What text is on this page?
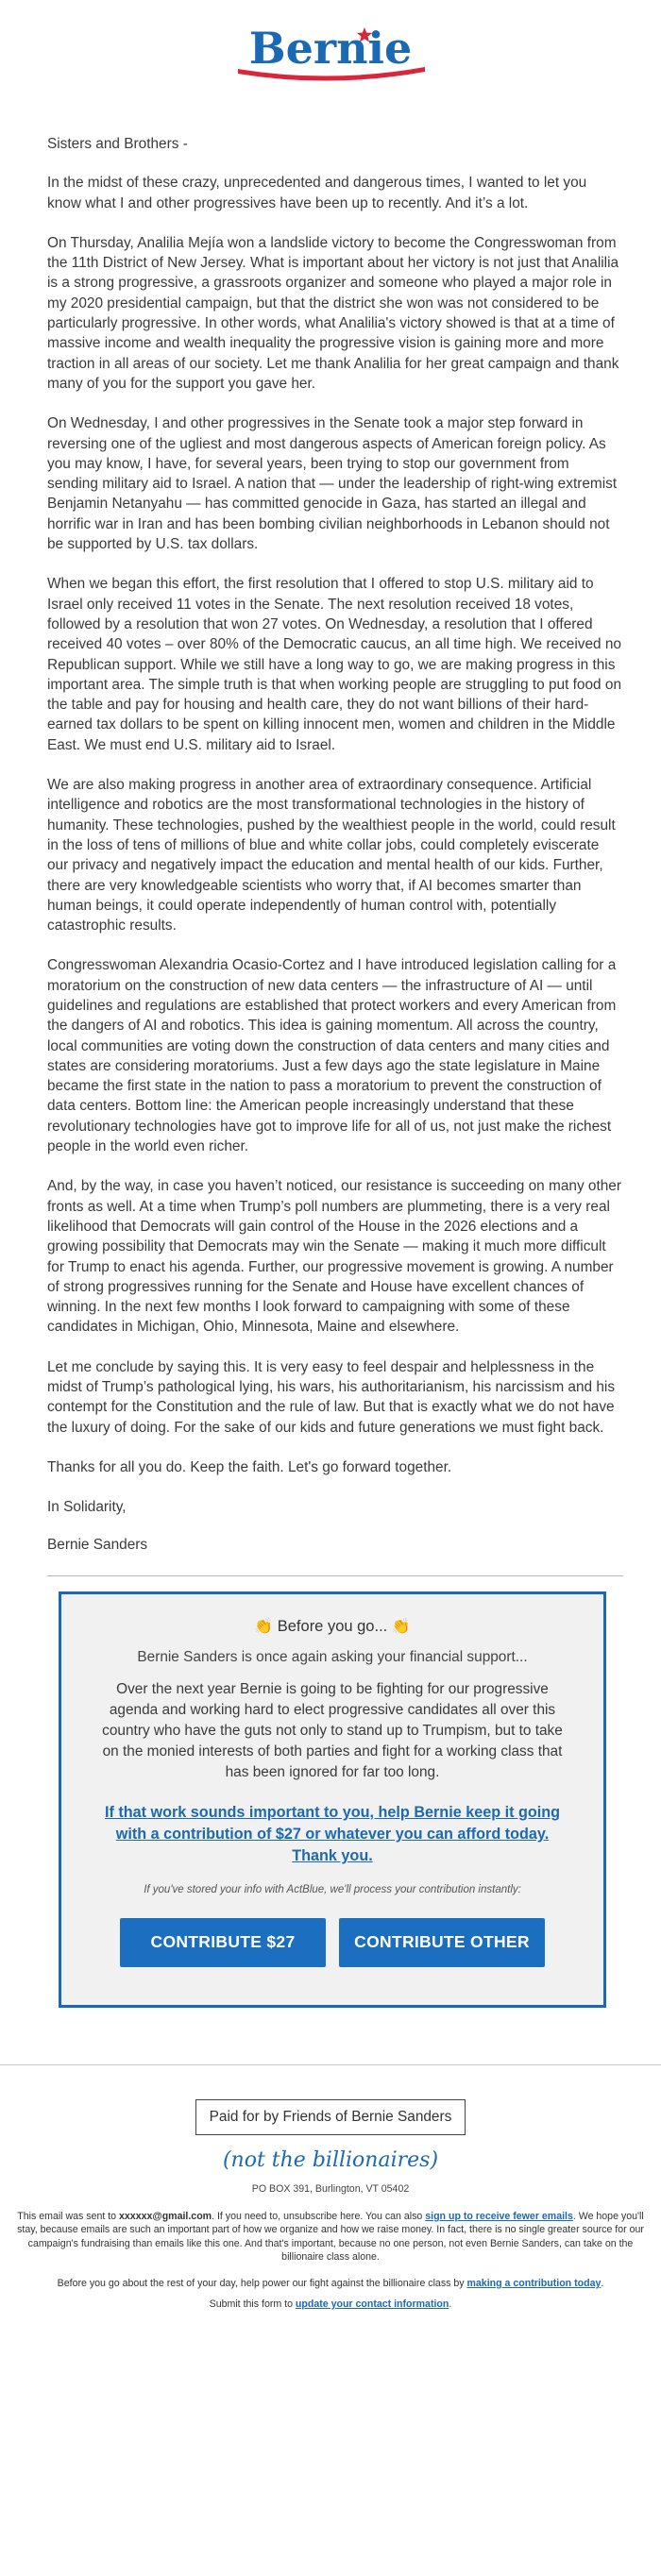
Bernie

Sisters and Brothers -

In the midst of these crazy, unprecedented and dangerous times, I wanted to let you know what I and other progressives have been up to recently. And it’s a lot.

On Thursday, Analilia Mejía won a landslide victory to become the Congresswoman from the 11th District of New Jersey. What is important about her victory is not just that Analilia is a strong progressive, a grassroots organizer and someone who played a major role in my 2020 presidential campaign, but that the district she won was not considered to be particularly progressive. In other words, what Analilia's victory showed is that at a time of massive income and wealth inequality the progressive vision is gaining more and more traction in all areas of our society. Let me thank Analilia for her great campaign and thank many of you for the support you gave her.

On Wednesday, I and other progressives in the Senate took a major step forward in reversing one of the ugliest and most dangerous aspects of American foreign policy. As you may know, I have, for several years, been trying to stop our government from sending military aid to Israel. A nation that — under the leadership of right-wing extremist Benjamin Netanyahu — has committed genocide in Gaza, has started an illegal and horrific war in Iran and has been bombing civilian neighborhoods in Lebanon should not be supported by U.S. tax dollars.

When we began this effort, the first resolution that I offered to stop U.S. military aid to Israel only received 11 votes in the Senate. The next resolution received 18 votes, followed by a resolution that won 27 votes. On Wednesday, a resolution that I offered received 40 votes – over 80% of the Democratic caucus, an all time high. We received no Republican support. While we still have a long way to go, we are making progress in this important area. The simple truth is that when working people are struggling to put food on the table and pay for housing and health care, they do not want billions of their hard-earned tax dollars to be spent on killing innocent men, women and children in the Middle East. We must end U.S. military aid to Israel.

We are also making progress in another area of extraordinary consequence. Artificial intelligence and robotics are the most transformational technologies in the history of humanity. These technologies, pushed by the wealthiest people in the world, could result in the loss of tens of millions of blue and white collar jobs, could completely eviscerate our privacy and negatively impact the education and mental health of our kids. Further, there are very knowledgeable scientists who worry that, if AI becomes smarter than human beings, it could operate independently of human control with, potentially catastrophic results.

Congresswoman Alexandria Ocasio-Cortez and I have introduced legislation calling for a moratorium on the construction of new data centers — the infrastructure of AI — until guidelines and regulations are established that protect workers and every American from the dangers of AI and robotics. This idea is gaining momentum. All across the country, local communities are voting down the construction of data centers and many cities and states are considering moratoriums. Just a few days ago the state legislature in Maine became the first state in the nation to pass a moratorium to prevent the construction of data centers. Bottom line: the American people increasingly understand that these revolutionary technologies have got to improve life for all of us, not just make the richest people in the world even richer.

And, by the way, in case you haven’t noticed, our resistance is succeeding on many other fronts as well. At a time when Trump’s poll numbers are plummeting, there is a very real likelihood that Democrats will gain control of the House in the 2026 elections and a growing possibility that Democrats may win the Senate — making it much more difficult for Trump to enact his agenda. Further, our progressive movement is growing. A number of strong progressives running for the Senate and House have excellent chances of winning. In the next few months I look forward to campaigning with some of these candidates in Michigan, Ohio, Minnesota, Maine and elsewhere.

Let me conclude by saying this. It is very easy to feel despair and helplessness in the midst of Trump’s pathological lying, his wars, his authoritarianism, his narcissism and his contempt for the Constitution and the rule of law. But that is exactly what we do not have the luxury of doing. For the sake of our kids and future generations we must fight back.

Thanks for all you do. Keep the faith. Let's go forward together.

In Solidarity,

Bernie Sanders

👏 Before you go... 👏
Bernie Sanders is once again asking your financial support...
Over the next year Bernie is going to be fighting for our progressive agenda and working hard to elect progressive candidates all over this country who have the guts not only to stand up to Trumpism, but to take on the monied interests of both parties and fight for a working class that has been ignored for far too long.
If that work sounds important to you, help Bernie keep it going with a contribution of $27 or whatever you can afford today. Thank you.
If you've stored your info with ActBlue, we'll process your contribution instantly:
CONTRIBUTE $27	CONTRIBUTE OTHER
Paid for by Friends of Bernie Sanders
(not the billionaires)
PO BOX 391, Burlington, VT 05402
This email was sent to xxxxxx@gmail.com. If you need to, unsubscribe here. You can also sign up to receive fewer emails. We hope you'll stay, because emails are such an important part of how we organize and how we raise money. In fact, there is no single greater source for our campaign's fundraising than emails like this one. And that's important, because no one person, not even Bernie Sanders, can take on the billionaire class alone.
Before you go about the rest of your day, help power our fight against the billionaire class by making a contribution today.
Submit this form to update your contact information.
